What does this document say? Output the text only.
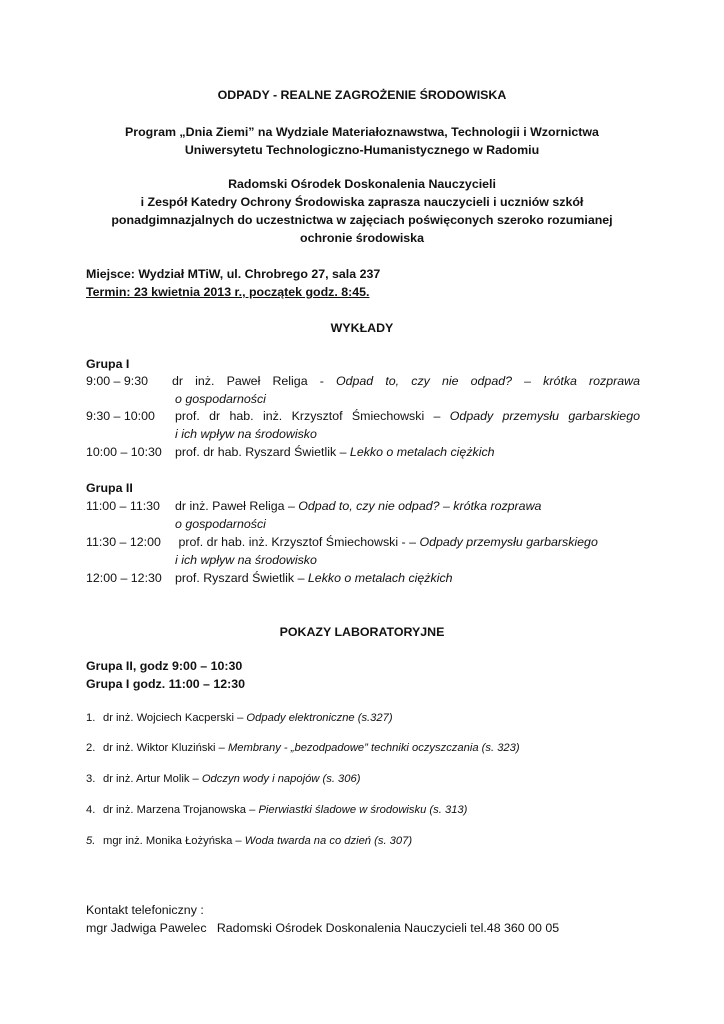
ODPADY - REALNE ZAGROŻENIE ŚRODOWISKA
Program „Dnia Ziemi” na Wydziale Materiałoznawstwa, Technologii i Wzornictwa
Uniwersytetu Technologiczno-Humanistycznego w Radomiu
Radomski Ośrodek Doskonalenia Nauczycieli
i Zespół Katedry Ochrony Środowiska zaprasza nauczycieli i uczniów szkół
ponadgimnazjalnych do uczestnictwa w zajęciach poświęconych szeroko rozumianej
ochronie środowiska
Miejsce: Wydział MTiW, ul. Chrobrego 27, sala 237
Termin: 23 kwietnia 2013 r., początek godz. 8:45.
WYKŁADY
Grupa I
9:00 – 9:30 dr inż. Paweł Religa - Odpad to, czy nie odpad? – krótka rozprawa
o gospodarności
9:30 – 10:00 prof. dr hab. inż. Krzysztof Śmiechowski – Odpady przemysłu garbarskiego
i ich wpływ na środowisko
10:00 – 10:30 prof. dr hab. Ryszard Świetlik – Lekko o metalach ciężkich
Grupa II
11:00 – 11:30 dr inż. Paweł Religa – Odpad to, czy nie odpad? – krótka rozprawa
o gospodarności
11:30 – 12:00 prof. dr hab. inż. Krzysztof Śmiechowski - – Odpady przemysłu garbarskiego
i ich wpływ na środowisko
12:00 – 12:30 prof. Ryszard Świetlik – Lekko o metalach ciężkich
POKAZY LABORATORYJNE
Grupa II, godz 9:00 – 10:30
Grupa I godz. 11:00 – 12:30
1. dr inż. Wojciech Kacperski – Odpady elektroniczne (s.327)
2. dr inż. Wiktor Kluziński – Membrany - „bezodpadowe” techniki oczyszczania (s. 323)
3. dr inż. Artur Molik – Odczyn wody i napojów (s. 306)
4. dr inż. Marzena Trojanowska – Pierwiastki śladowe w środowisku (s. 313)
5. mgr inż. Monika Łożyńska – Woda twarda na co dzień (s. 307)
Kontakt telefoniczny :
mgr Jadwiga Pawelec   Radomski Ośrodek Doskonalenia Nauczycieli tel.48 360 00 05
